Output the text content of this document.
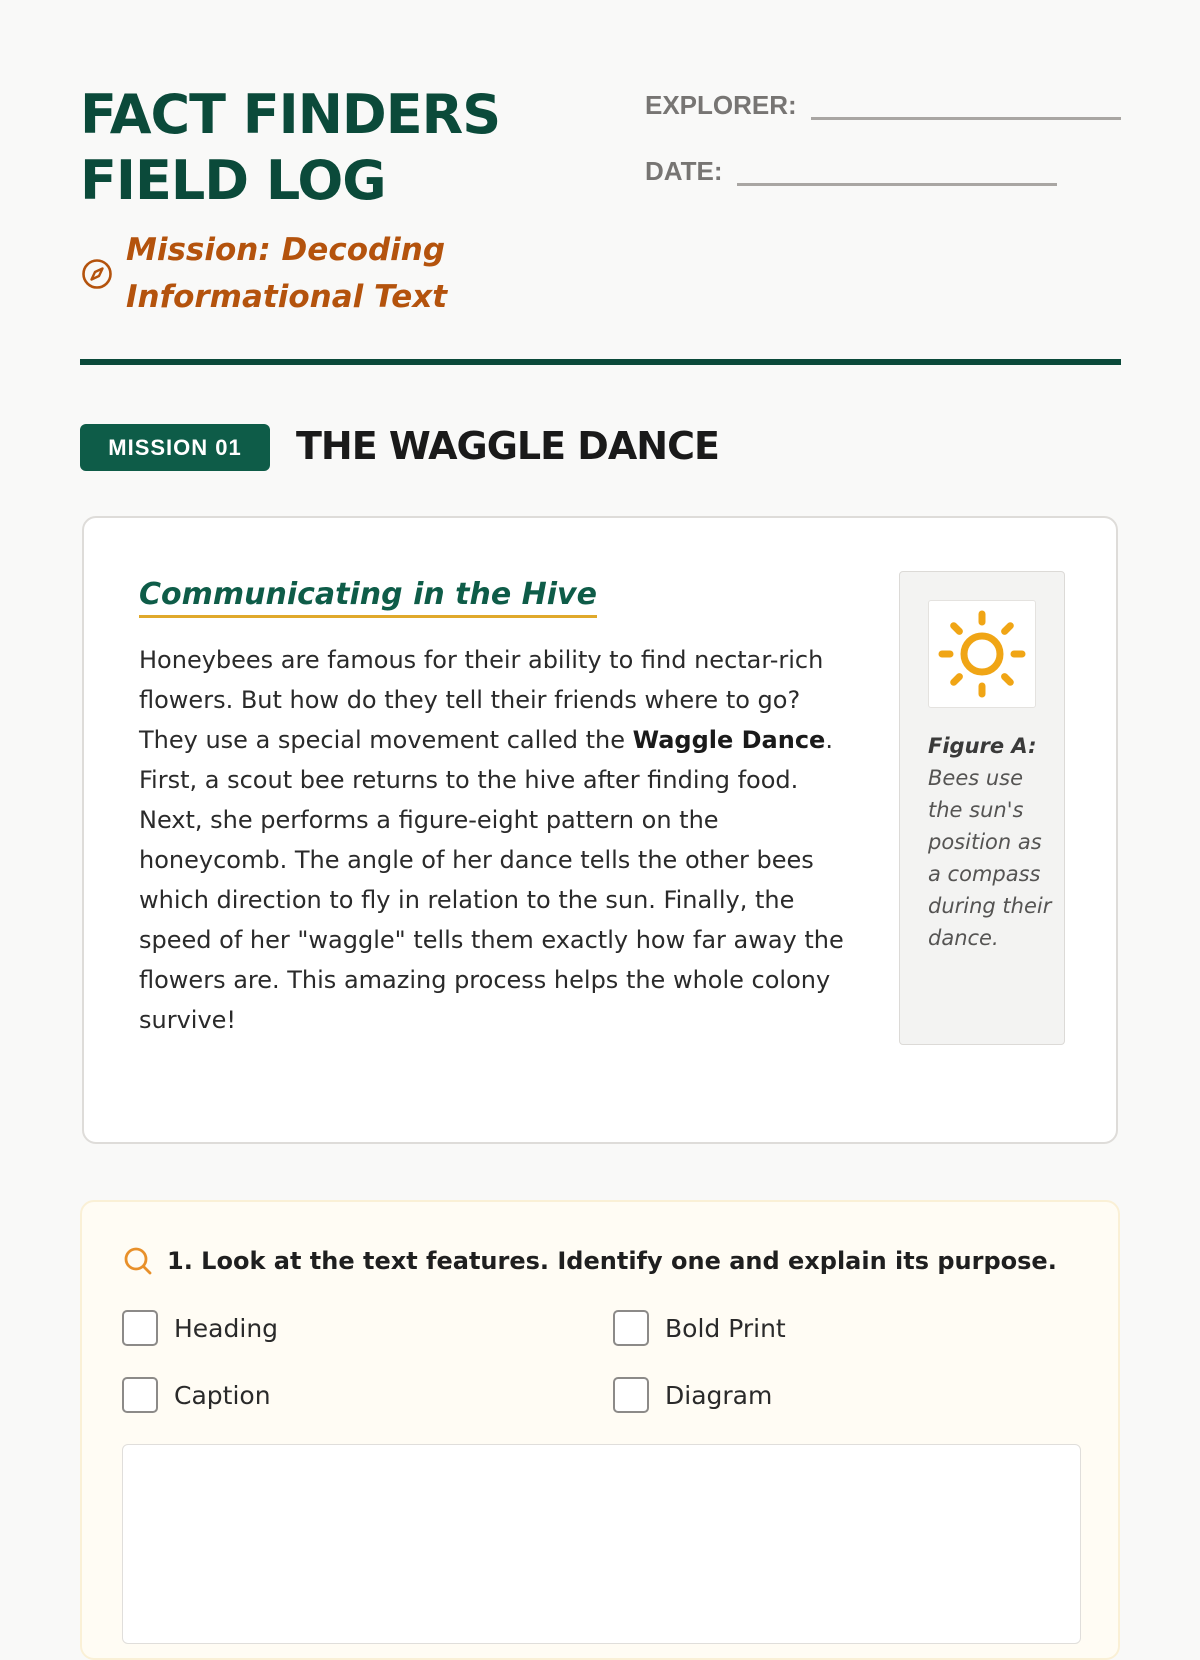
FACT FINDERS
FIELD LOG
Mission: Decoding
Informational Text
EXPLORER:
DATE:
MISSION 01	THE WAGGLE DANCE
Communicating in the Hive
Honeybees are famous for their ability to find nectar-rich flowers. But how do they tell their friends where to go? They use a special movement called the Waggle Dance. First, a scout bee returns to the hive after finding food. Next, she performs a figure-eight pattern on the honeycomb. The angle of her dance tells the other bees which direction to fly in relation to the sun. Finally, the speed of her "waggle" tells them exactly how far away the flowers are. This amazing process helps the whole colony survive!
Figure A: Bees use the sun's position as a compass during their dance.
1. Look at the text features. Identify one and explain its purpose.
Heading	Bold Print
Caption	Diagram
